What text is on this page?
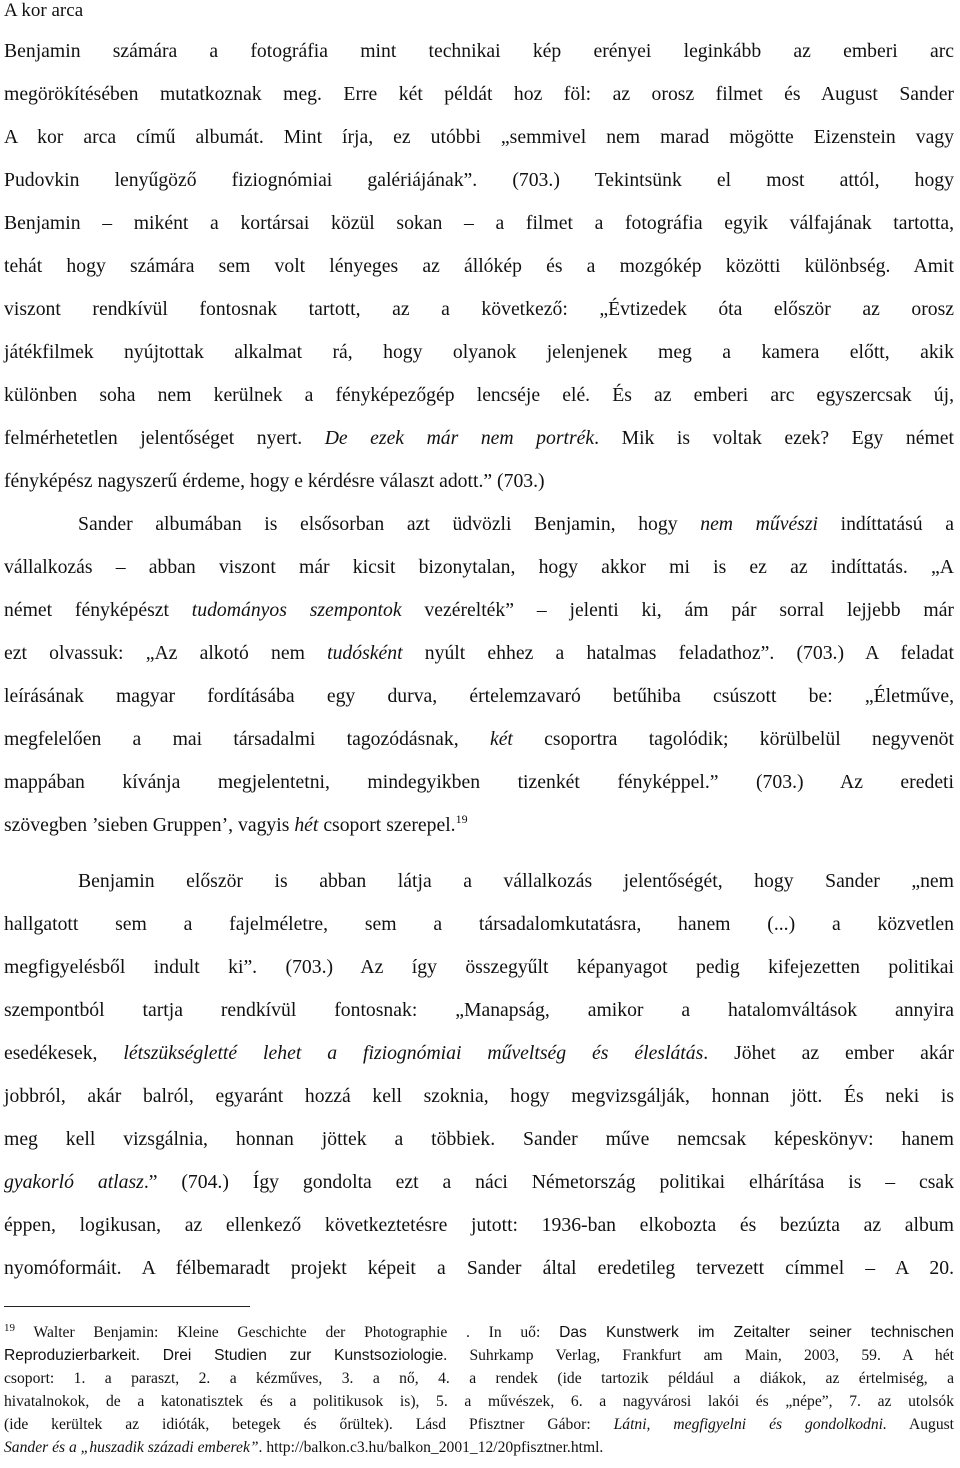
A kor arca
Benjamin számára a fotográfia mint technikai kép erényei leginkább az emberi arc
megörökítésében mutatkoznak meg. Erre két példát hoz föl: az orosz filmet és August Sander
A kor arca című albumát. Mint írja, ez utóbbi „semmivel nem marad mögötte Eizenstein vagy
Pudovkin lenyűgöző fiziognómiai galériájának”. (703.) Tekintsünk el most attól, hogy
Benjamin – miként a kortársai közül sokan – a filmet a fotográfia egyik válfajának tartotta,
tehát hogy számára sem volt lényeges az állókép és a mozgókép közötti különbség. Amit
viszont rendkívül fontosnak tartott, az a következő: „Évtizedek óta először az orosz
játékfilmek nyújtottak alkalmat rá, hogy olyanok jelenjenek meg a kamera előtt, akik
különben soha nem kerülnek a fényképezőgép lencséje elé. És az emberi arc egyszercsak új,
felmérhetetlen jelentőséget nyert. De ezek már nem portrék. Mik is voltak ezek? Egy német
fényképész nagyszerű érdeme, hogy e kérdésre választ adott.” (703.)
Sander albumában is elsősorban azt üdvözli Benjamin, hogy nem művészi indíttatású a
vállalkozás – abban viszont már kicsit bizonytalan, hogy akkor mi is ez az indíttatás. „A
német fényképészt tudományos szempontok vezérelték” – jelenti ki, ám pár sorral lejjebb már
ezt olvassuk: „Az alkotó nem tudósként nyúlt ehhez a hatalmas feladathoz”. (703.) A feladat
leírásának magyar fordításába egy durva, értelemzavaró betűhiba csúszott be: „Életműve,
megfelelően a mai társadalmi tagozódásnak, két csoportra tagolódik; körülbelül negyvenöt
mappában kívánja megjelentetni, mindegyikben tizenkét fényképpel.” (703.) Az eredeti
szövegben ’sieben Gruppen’, vagyis hét csoport szerepel.$^{19}$
Benjamin először is abban látja a vállalkozás jelentőségét, hogy Sander „nem
hallgatott sem a fajelméletre, sem a társadalomkutatásra, hanem (...) a közvetlen
megfigyelésből indult ki”. (703.) Az így összegyűlt képanyagot pedig kifejezetten politikai
szempontból tartja rendkívül fontosnak: „Manapság, amikor a hatalomváltások annyira
esedékesek, létszükségletté lehet a fiziognómiai műveltség és éleslátás. Jöhet az ember akár
jobbról, akár balról, egyaránt hozzá kell szoknia, hogy megvizsgálják, honnan jött. És neki is
meg kell vizsgálnia, honnan jöttek a többiek. Sander műve nemcsak képeskönyv: hanem
gyakorló atlasz.” (704.) Így gondolta ezt a náci Németország politikai elhárítása is – csak
éppen, logikusan, az ellenkező következtetésre jutott: 1936-ban elkobozta és bezúzta az album
nyomóformáit. A félbemaradt projekt képeit a Sander által eredetileg tervezett címmel – A 20.
$^{19}$ Walter Benjamin: Kleine Geschichte der Photographie . In uő: Das Kunstwerk im Zeitalter seiner technischen
Reproduzierbarkeit. Drei Studien zur Kunstsoziologie. Suhrkamp Verlag, Frankfurt am Main, 2003, 59. A hét
csoport: 1. a paraszt, 2. a kézműves, 3. a nő, 4. a rendek (ide tartozik például a diákok, az értelmiség, a
hivatalnokok, de a katonatisztek és a politikusok is), 5. a művészek, 6. a nagyvárosi lakói és „népe”, 7. az utolsók
(ide kerültek az idióták, betegek és őrültek). Lásd Pfisztner Gábor: Látni, megfigyelni és gondolkodni. August
Sander és a „huszadik századi emberek”. http://balkon.c3.hu/balkon_2001_12/20pfisztner.html.
